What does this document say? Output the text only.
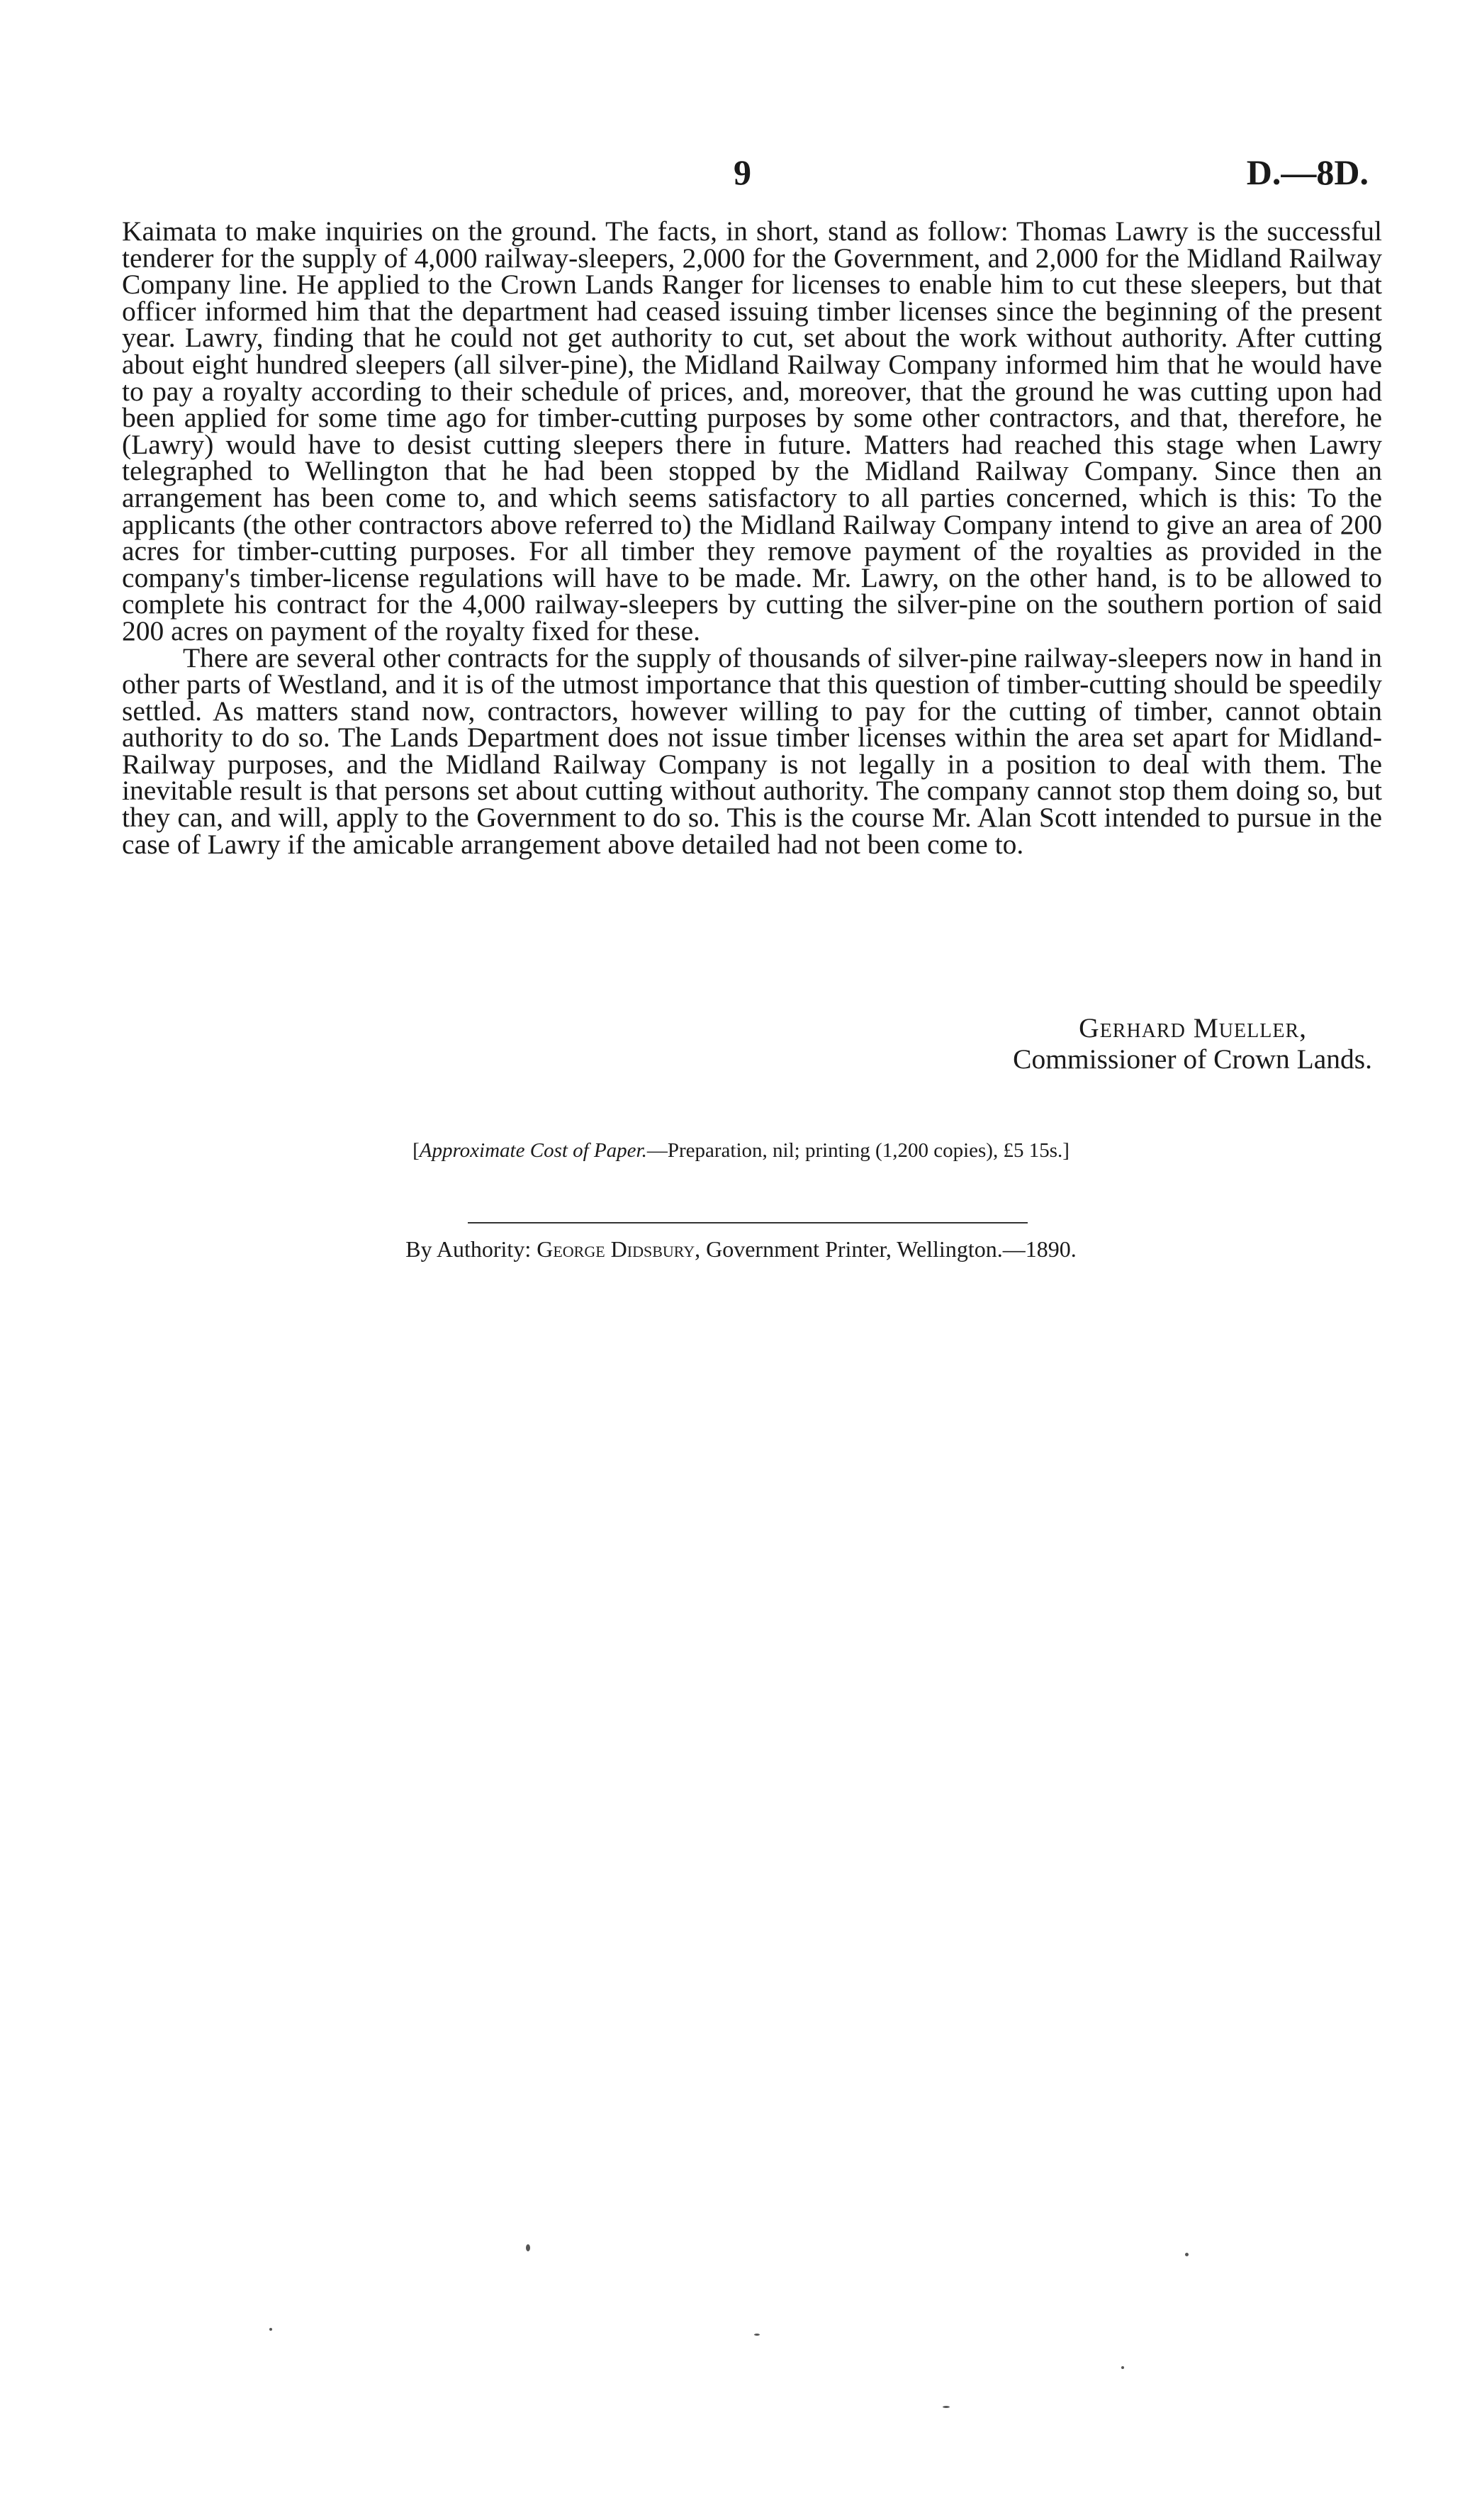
9	D.—8D.

Kaimata to make inquiries on the ground. The facts, in short, stand as follow: Thomas Lawry is the successful tenderer for the supply of 4,000 railway-sleepers, 2,000 for the Government, and 2,000 for the Midland Railway Company line. He applied to the Crown Lands Ranger for licenses to enable him to cut these sleepers, but that officer informed him that the department had ceased issuing timber licenses since the beginning of the present year. Lawry, finding that he could not get authority to cut, set about the work without authority. After cutting about eight hundred sleepers (all silver-pine), the Midland Railway Company informed him that he would have to pay a royalty according to their schedule of prices, and, moreover, that the ground he was cutting upon had been applied for some time ago for timber-cutting purposes by some other contractors, and that, therefore, he (Lawry) would have to desist cutting sleepers there in future. Matters had reached this stage when Lawry telegraphed to Wellington that he had been stopped by the Midland Railway Company. Since then an arrangement has been come to, and which seems satisfactory to all parties concerned, which is this: To the applicants (the other contractors above referred to) the Midland Railway Company intend to give an area of 200 acres for timber-cutting purposes. For all timber they remove payment of the royalties as provided in the company's timber-license regulations will have to be made. Mr. Lawry, on the other hand, is to be allowed to complete his contract for the 4,000 railway-sleepers by cutting the silver-pine on the southern portion of said 200 acres on payment of the royalty fixed for these.

There are several other contracts for the supply of thousands of silver-pine railway-sleepers now in hand in other parts of Westland, and it is of the utmost importance that this question of timber-cutting should be speedily settled. As matters stand now, contractors, however willing to pay for the cutting of timber, cannot obtain authority to do so. The Lands Department does not issue timber licenses within the area set apart for Midland-Railway purposes, and the Midland Railway Company is not legally in a position to deal with them. The inevitable result is that persons set about cutting without authority. The company cannot stop them doing so, but they can, and will, apply to the Government to do so. This is the course Mr. Alan Scott intended to pursue in the case of Lawry if the amicable arrangement above detailed had not been come to.

Gerhard Mueller,
Commissioner of Crown Lands.
[Approximate Cost of Paper.—Preparation, nil; printing (1,200 copies), £5 15s.]
By Authority: George Didsbury, Government Printer, Wellington.—1890.
